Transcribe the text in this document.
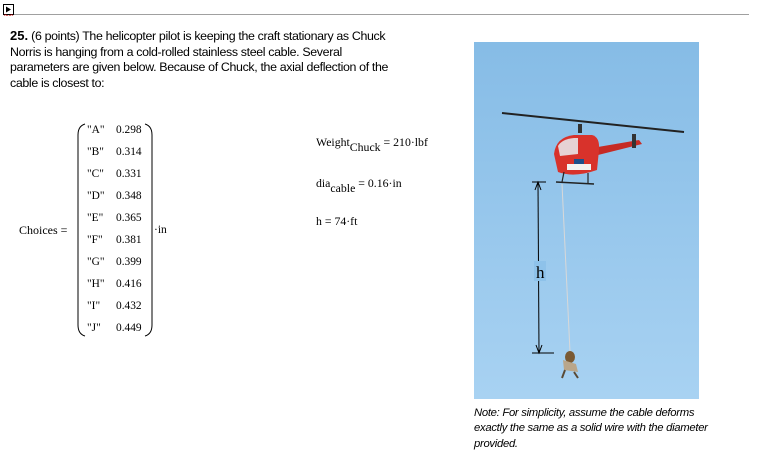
25. (6 points) The helicopter pilot is keeping the craft stationary as Chuck Norris is hanging from a cold-rolled stainless steel cable. Several parameters are given below. Because of Chuck, the axial deflection of the cable is closest to:
Choices =
"A" 0.298
"B" 0.314
"C" 0.331
"D" 0.348
"E" 0.365
"F" 0.381
"G" 0.399
"H" 0.416
"I" 0.432
"J" 0.449
·in
Weight$_{Chuck}$ = 210·lbf
dia$_{cable}$ = 0.16·in
h = 74·ft
h
Note: For simplicity, assume the cable deforms exactly the same as a solid wire with the diameter provided.
